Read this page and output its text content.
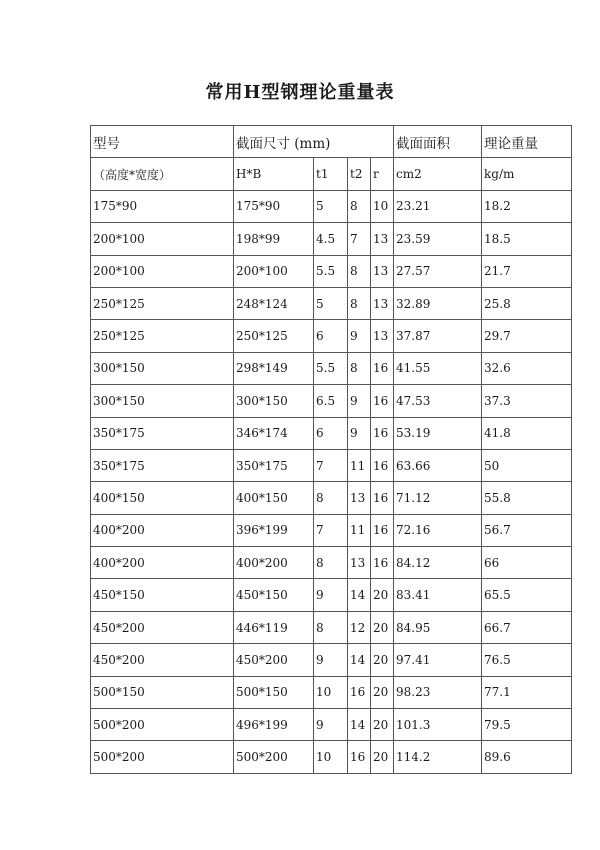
常用H型钢理论重量表
型号	截面尺寸 (mm)				截面面积	理论重量
（高度*宽度）	H*B	t1	t2	r	cm2	kg/m
175*90	175*90	5	8	10	23.21	18.2
200*100	198*99	4.5	7	13	23.59	18.5
200*100	200*100	5.5	8	13	27.57	21.7
250*125	248*124	5	8	13	32.89	25.8
250*125	250*125	6	9	13	37.87	29.7
300*150	298*149	5.5	8	16	41.55	32.6
300*150	300*150	6.5	9	16	47.53	37.3
350*175	346*174	6	9	16	53.19	41.8
350*175	350*175	7	11	16	63.66	50
400*150	400*150	8	13	16	71.12	55.8
400*200	396*199	7	11	16	72.16	56.7
400*200	400*200	8	13	16	84.12	66
450*150	450*150	9	14	20	83.41	65.5
450*200	446*119	8	12	20	84.95	66.7
450*200	450*200	9	14	20	97.41	76.5
500*150	500*150	10	16	20	98.23	77.1
500*200	496*199	9	14	20	101.3	79.5
500*200	500*200	10	16	20	114.2	89.6
